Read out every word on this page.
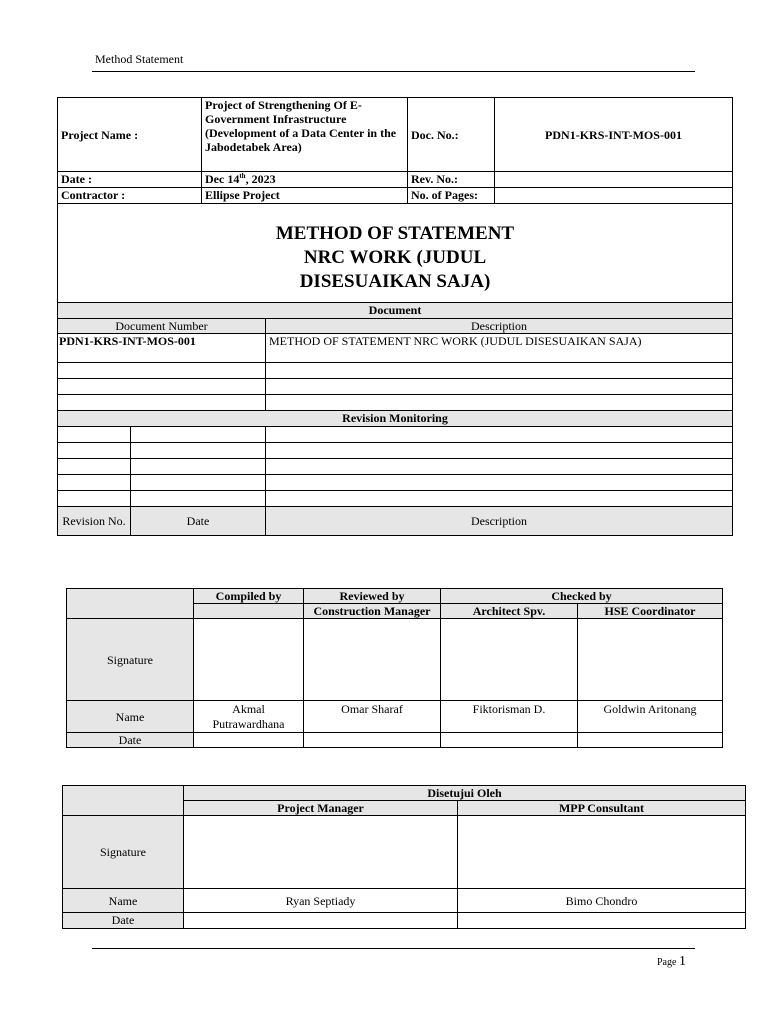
Method Statement
Project Name :	Project of Strengthening Of E-Government Infrastructure (Development of a Data Center in the Jabodetabek Area)	Doc. No.:	PDN1-KRS-INT-MOS-001
Date :	Dec 14th, 2023	Rev. No.:	
Contractor :	Ellipse Project	No. of Pages:	

METHOD OF STATEMENT
NRC WORK (JUDUL
DISESUAIKAN SAJA)			
Document		
Document Number		Description
PDN1-KRS-INT-MOS-001		METHOD OF STATEMENT NRC WORK (JUDUL DISESUAIKAN SAJA)

Revision Monitoring		

Revision No.	Date	Description
	Compiled by	Reviewed by	Checked by	
		Construction Manager	Architect Spv.	HSE Coordinator
Signature				
Name	Akmal Putrawardhana	Omar Sharaf	Fiktorisman D.	Goldwin Aritonang
Date				
	Disetujui Oleh	
	Project Manager	MPP Consultant
Signature		
Name	Ryan Septiady	Bimo Chondro
Date		
Page 1
